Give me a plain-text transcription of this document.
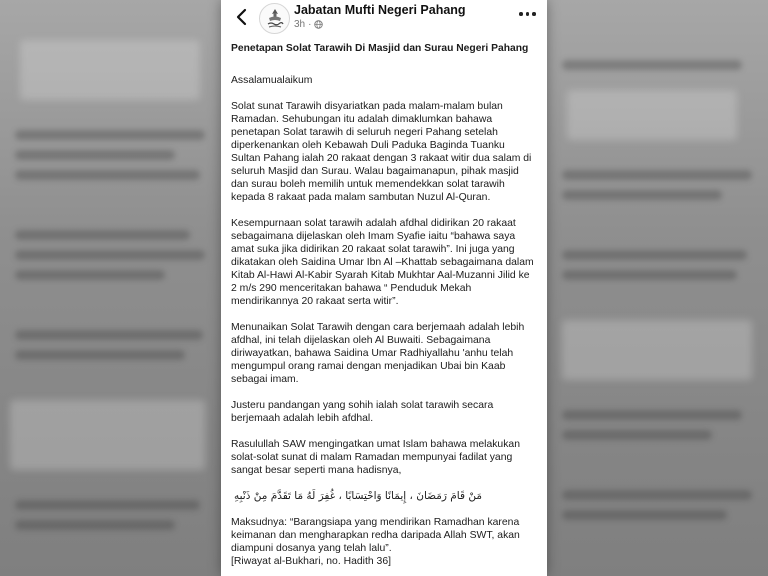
Jabatan Mufti Negeri Pahang
3h ·

Penetapan Solat Tarawih Di Masjid dan Surau Negeri Pahang

Assalamualaikum

Solat sunat Tarawih disyariatkan pada malam-malam bulan Ramadan. Sehubungan itu adalah dimaklumkan bahawa penetapan Solat tarawih di seluruh negeri Pahang setelah diperkenankan oleh Kebawah Duli Paduka Baginda Tuanku Sultan Pahang ialah 20 rakaat dengan 3 rakaat witir dua salam di seluruh Masjid dan Surau. Walau bagaimanapun, pihak masjid dan surau boleh memilih untuk memendekkan solat tarawih kepada 8 rakaat pada malam sambutan Nuzul Al-Quran.

Kesempurnaan solat tarawih adalah afdhal didirikan 20 rakaat sebagaimana dijelaskan oleh Imam Syafie iaitu “bahawa saya amat suka jika didirikan 20 rakaat solat tarawih”. Ini juga yang dikatakan oleh Saidina Umar Ibn Al –Khattab sebagaimana dalam Kitab Al-Hawi Al-Kabir Syarah Kitab Mukhtar Aal-Muzanni Jilid ke 2 m/s 290 menceritakan bahawa “ Penduduk Mekah mendirikannya 20 rakaat serta witir”.

Menunaikan Solat Tarawih dengan cara berjemaah adalah lebih afdhal, ini telah dijelaskan oleh Al Buwaiti. Sebagaimana diriwayatkan, bahawa Saidina Umar Radhiyallahu 'anhu telah mengumpul orang ramai dengan menjadikan Ubai bin Kaab sebagai imam.

Justeru pandangan yang sohih ialah solat tarawih secara berjemaah adalah lebih afdhal.

Rasulullah SAW mengingatkan umat Islam bahawa melakukan solat-solat sunat di malam Ramadan mempunyai fadilat yang sangat besar seperti mana hadisnya,

مَنْ قَامَ رَمَضَانَ ، إِيمَانًا وَاحْتِسَابًا ، غُفِرَ لَهُ مَا تَقَدَّمَ مِنْ ذَنْبِهِ

Maksudnya: “Barangsiapa yang mendirikan Ramadhan karena keimanan dan mengharapkan redha daripada Allah SWT, akan diampuni dosanya yang telah lalu”.

[Riwayat al-Bukhari, no. Hadith 36]
